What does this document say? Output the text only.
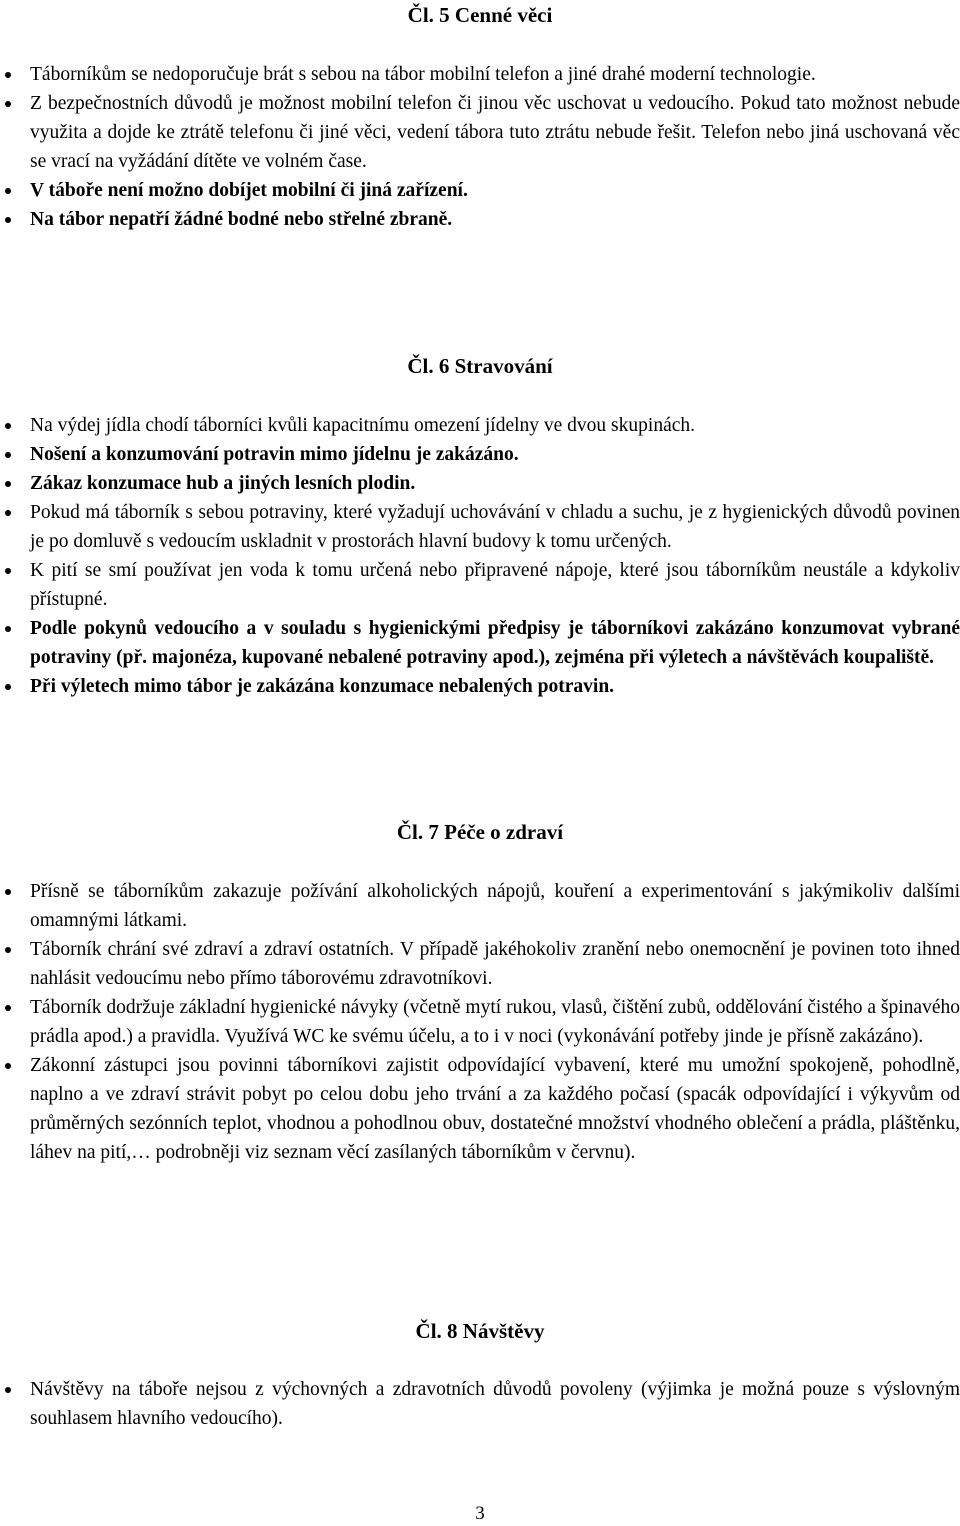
Čl. 5 Cenné věci
Táborníkům se nedoporučuje brát s sebou na tábor mobilní telefon a jiné drahé moderní technologie.
Z bezpečnostních důvodů je možnost mobilní telefon či jinou věc uschovat u vedoucího. Pokud tato možnost nebude využita a dojde ke ztrátě telefonu či jiné věci, vedení tábora tuto ztrátu nebude řešit. Telefon nebo jiná uschovaná věc se vrací na vyžádání dítěte ve volném čase.
V táboře není možno dobíjet mobilní či jiná zařízení.
Na tábor nepatří žádné bodné nebo střelné zbraně.
Čl. 6 Stravování
Na výdej jídla chodí táborníci kvůli kapacitnímu omezení jídelny ve dvou skupinách.
Nošení a konzumování potravin mimo jídelnu je zakázáno.
Zákaz konzumace hub a jiných lesních plodin.
Pokud má táborník s sebou potraviny, které vyžadují uchovávání v chladu a suchu, je z hygienických důvodů povinen je po domluvě s vedoucím uskladnit v prostorách hlavní budovy k tomu určených.
K pití se smí používat jen voda k tomu určená nebo připravené nápoje, které jsou táborníkům neustále a kdykoliv přístupné.
Podle pokynů vedoucího a v souladu s hygienickými předpisy je táborníkovi zakázáno konzumovat vybrané potraviny (př. majonéza, kupované nebalené potraviny apod.), zejména při výletech a návštěvách koupaliště.
Při výletech mimo tábor je zakázána konzumace nebalených potravin.
Čl. 7 Péče o zdraví
Přísně se táborníkům zakazuje požívání alkoholických nápojů, kouření a experimentování s jakýmikoliv dalšími omamnými látkami.
Táborník chrání své zdraví a zdraví ostatních. V případě jakéhokoliv zranění nebo onemocnění je povinen toto ihned nahlásit vedoucímu nebo přímo táborovému zdravotníkovi.
Táborník dodržuje základní hygienické návyky (včetně mytí rukou, vlasů, čištění zubů, oddělování čistého a špinavého prádla apod.) a pravidla. Využívá WC ke svému účelu, a to i v noci (vykonávání potřeby jinde je přísně zakázáno).
Zákonní zástupci jsou povinni táborníkovi zajistit odpovídající vybavení, které mu umožní spokojeně, pohodlně, naplno a ve zdraví strávit pobyt po celou dobu jeho trvání a za každého počasí (spacák odpovídající i výkyvům od průměrných sezónních teplot, vhodnou a pohodlnou obuv, dostatečné množství vhodného oblečení a prádla, pláštěnku, láhev na pití,… podrobněji viz seznam věcí zasílaných táborníkům v červnu).
Čl. 8 Návštěvy
Návštěvy na táboře nejsou z výchovných a zdravotních důvodů povoleny (výjimka je možná pouze s výslovným souhlasem hlavního vedoucího).
3
